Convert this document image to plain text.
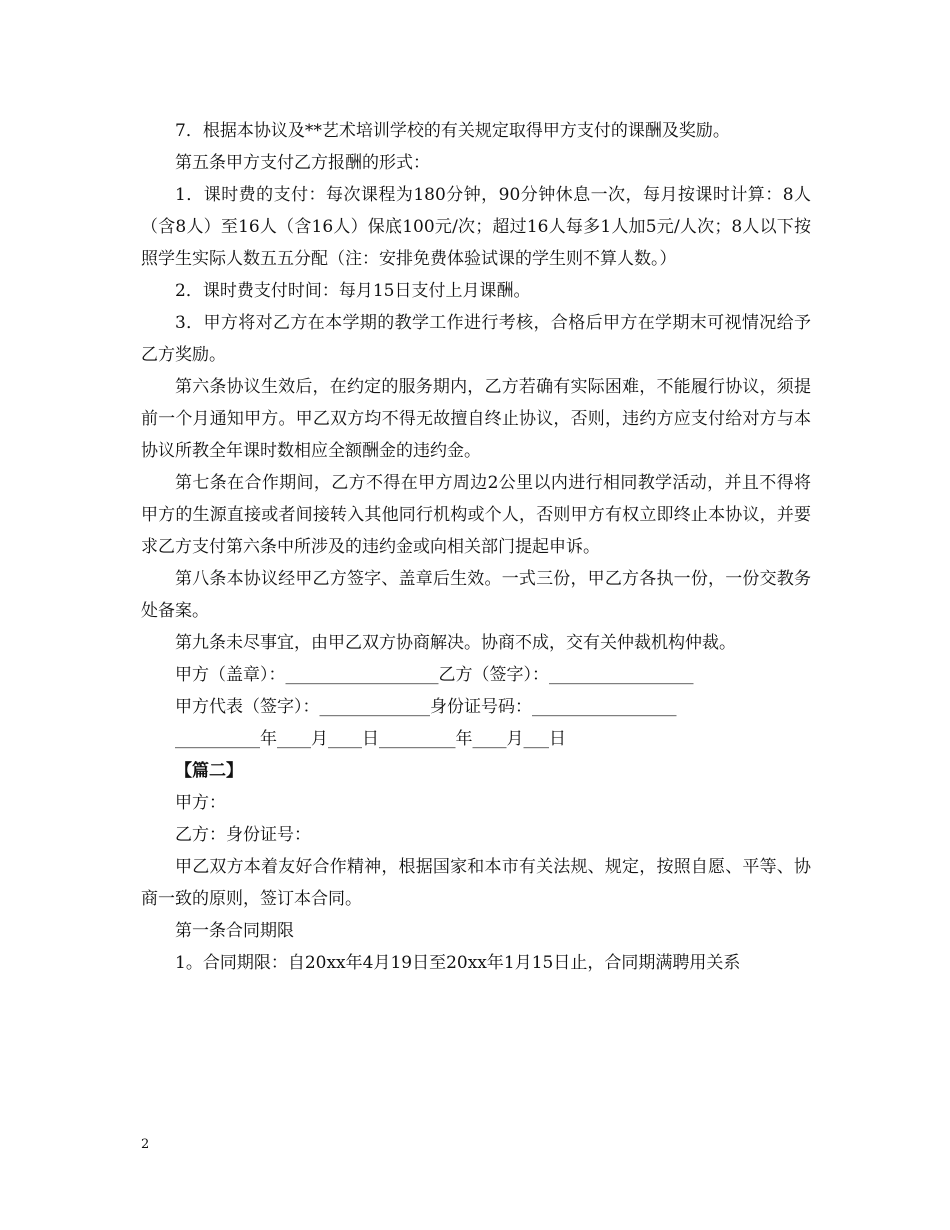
7．根据本协议及**艺术培训学校的有关规定取得甲方支付的课酬及奖励。

第五条甲方支付乙方报酬的形式：

1．课时费的支付：每次课程为180分钟，90分钟休息一次，每月按课时计算：8人（含8人）至16人（含16人）保底100元/次；超过16人每多1人加5元/人次；8人以下按照学生实际人数五五分配（注：安排免费体验试课的学生则不算人数。）

2．课时费支付时间：每月15日支付上月课酬。

3．甲方将对乙方在本学期的教学工作进行考核，合格后甲方在学期末可视情况给予乙方奖励。

第六条协议生效后，在约定的服务期内，乙方若确有实际困难，不能履行协议，须提前一个月通知甲方。甲乙双方均不得无故擅自终止协议，否则，违约方应支付给对方与本协议所教全年课时数相应全额酬金的违约金。

第七条在合作期间，乙方不得在甲方周边2公里以内进行相同教学活动，并且不得将甲方的生源直接或者间接转入其他同行机构或个人，否则甲方有权立即终止本协议，并要求乙方支付第六条中所涉及的违约金或向相关部门提起申诉。

第八条本协议经甲乙方签字、盖章后生效。一式三份，甲乙方各执一份，一份交教务处备案。

第九条未尽事宜，由甲乙双方协商解决。协商不成，交有关仲裁机构仲裁。

甲方（盖章）：__________________乙方（签字）：_________________

甲方代表（签字）：_____________身份证号码：_________________

__________年____月____日_________年____月___日

【篇二】

甲方：

乙方：身份证号：

甲乙双方本着友好合作精神，根据国家和本市有关法规、规定，按照自愿、平等、协商一致的原则，签订本合同。

第一条合同期限

1。合同期限：自20xx年4月19日至20xx年1月15日止，合同期满聘用关系

2
